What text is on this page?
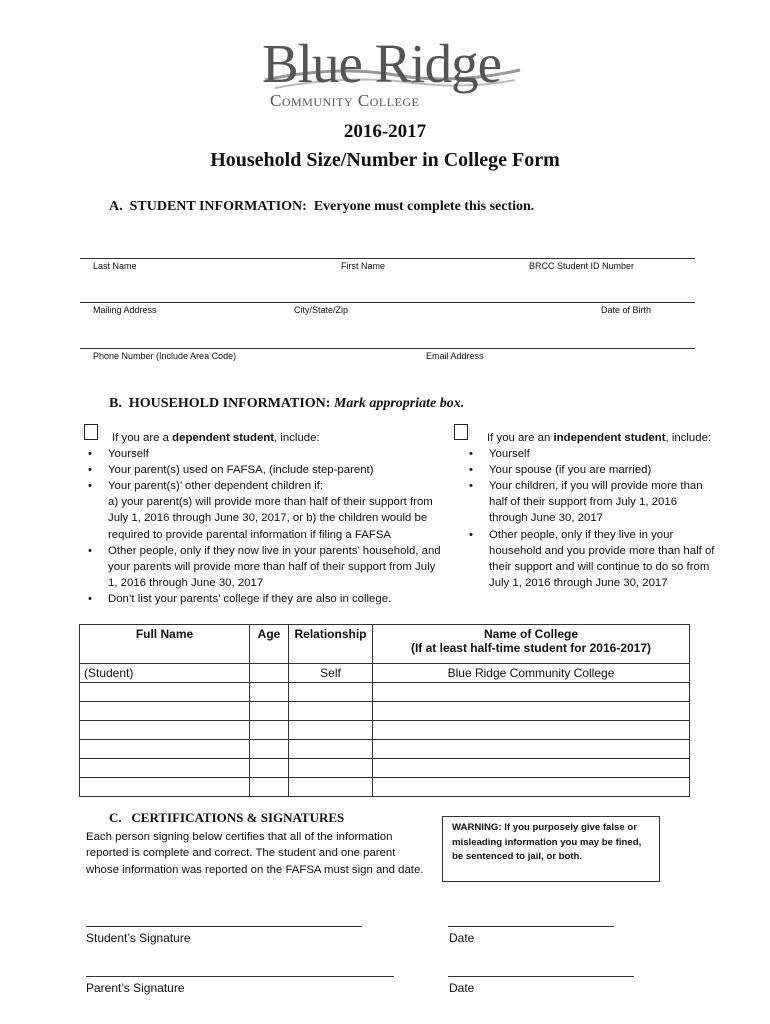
Blue Ridge
Community College
2016-2017
Household Size/Number in College Form
A.  STUDENT INFORMATION:  Everyone must complete this section.
Last Name	First Name	BRCC Student ID Number
Mailing Address	City/State/Zip	Date of Birth
Phone Number (Include Area Code)	Email Address
B.  HOUSEHOLD INFORMATION: Mark appropriate box.
If you are a dependent student, include:
• Yourself
• Your parent(s) used on FAFSA, (include step-parent)
• Your parent(s)’ other dependent children if:
a) your parent(s) will provide more than half of their support from
July 1, 2016 through June 30, 2017, or b) the children would be
required to provide parental information if filing a FAFSA
• Other people, only if they now live in your parents’ household, and
your parents will provide more than half of their support from July
1, 2016 through June 30, 2017
• Don’t list your parents’ college if they are also in college.
If you are an independent student, include:
• Yourself
• Your spouse (if you are married)
• Your children, if you will provide more than
half of their support from July 1, 2016
through June 30, 2017
• Other people, only if they live in your
household and you provide more than half of
their support and will continue to do so from
July 1, 2016 through June 30, 2017
Full Name	Age	Relationship	Name of College
(If at least half-time student for 2016-2017)

(Student)		Self	Blue Ridge Community College

C.   CERTIFICATIONS & SIGNATURES
Each person signing below certifies that all of the information
reported is complete and correct. The student and one parent
whose information was reported on the FAFSA must sign and date.
WARNING: If you purposely give false or
misleading information you may be fined,
be sentenced to jail, or both.
Student’s Signature	Date
Parent’s Signature	Date
